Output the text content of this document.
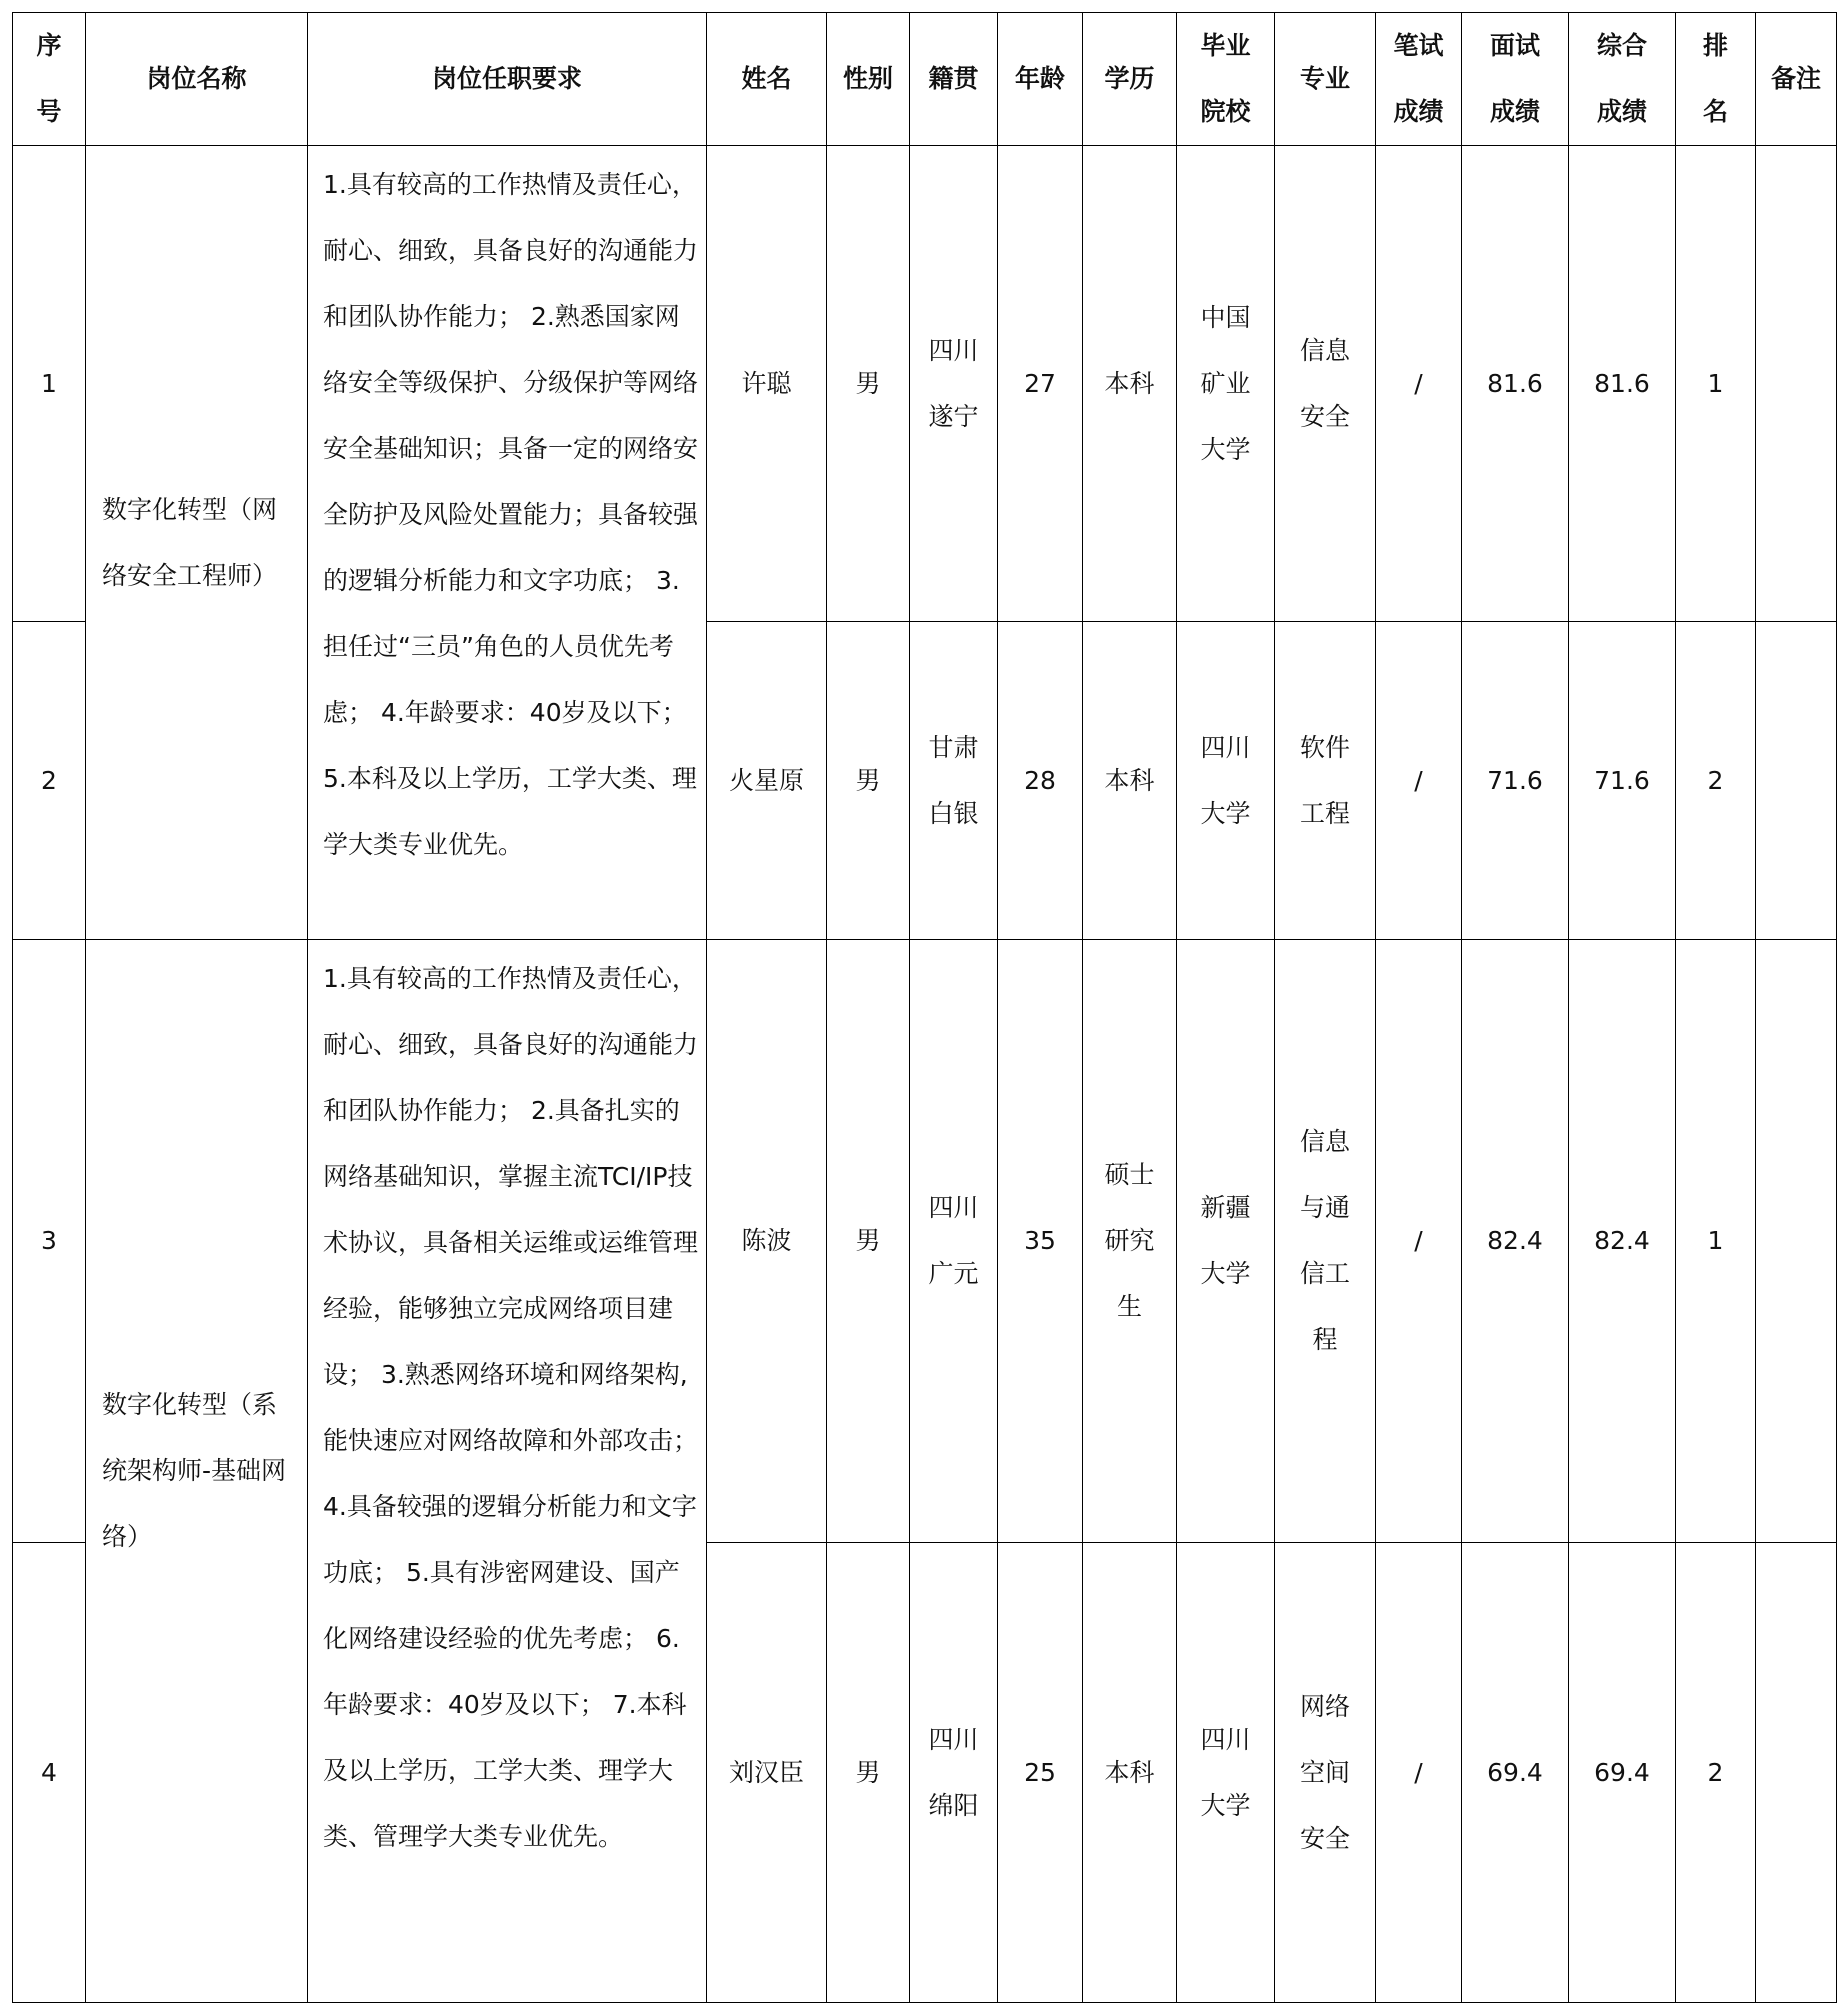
序号	岗位名称	岗位任职要求	姓名	性别	籍贯	年龄	学历	毕业院校	专业	笔试成绩	面试成绩	综合成绩	排名	备注
1	数字化转型（网络安全工程师）	1.具有较高的工作热情及责任心，耐心、细致，具备良好的沟通能力和团队协作能力； 2.熟悉国家网络安全等级保护、分级保护等网络安全基础知识；具备一定的网络安全防护及风险处置能力；具备较强的逻辑分析能力和文字功底； 3.担任过“三员”角色的人员优先考虑； 4.年龄要求：40岁及以下； 5.本科及以上学历，工学大类、理学大类专业优先。	许聪	男	四川遂宁	27	本科	中国矿业大学	信息安全	/	81.6	81.6	1	
2			火星原	男	甘肃白银	28	本科	四川大学	软件工程	/	71.6	71.6	2	
3	数字化转型（系统架构师-基础网络）	1.具有较高的工作热情及责任心，耐心、细致，具备良好的沟通能力和团队协作能力； 2.具备扎实的网络基础知识，掌握主流TCI/IP技术协议，具备相关运维或运维管理经验，能够独立完成网络项目建设； 3.熟悉网络环境和网络架构,能快速应对网络故障和外部攻击； 4.具备较强的逻辑分析能力和文字功底； 5.具有涉密网建设、国产化网络建设经验的优先考虑； 6.年龄要求：40岁及以下； 7.本科及以上学历，工学大类、理学大类、管理学大类专业优先。	陈波	男	四川广元	35	硕士研究生	新疆大学	信息与通信工程	/	82.4	82.4	1	
4			刘汉臣	男	四川绵阳	25	本科	四川大学	网络空间安全	/	69.4	69.4	2	
